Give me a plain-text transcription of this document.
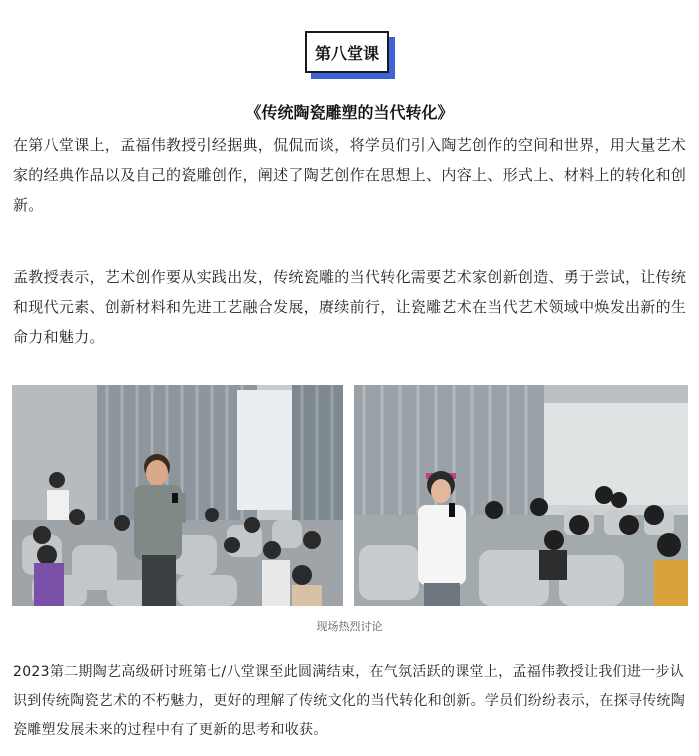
第八堂课
《传统陶瓷雕塑的当代转化》

在第八堂课上，孟福伟教授引经据典，侃侃而谈，将学员们引入陶艺创作的空间和世界，用大量艺术家的经典作品以及自己的瓷雕创作，阐述了陶艺创作在思想上、内容上、形式上、材料上的转化和创新。

孟教授表示，艺术创作要从实践出发，传统瓷雕的当代转化需要艺术家创新创造、勇于尝试，让传统和现代元素、创新材料和先进工艺融合发展，赓续前行，让瓷雕艺术在当代艺术领域中焕发出新的生命力和魅力。

现场热烈讨论

2023第二期陶艺高级研讨班第七/八堂课至此圆满结束，在气氛活跃的课堂上，孟福伟教授让我们进一步认识到传统陶瓷艺术的不朽魅力，更好的理解了传统文化的当代转化和创新。学员们纷纷表示，在探寻传统陶瓷雕塑发展未来的过程中有了更新的思考和收获。
